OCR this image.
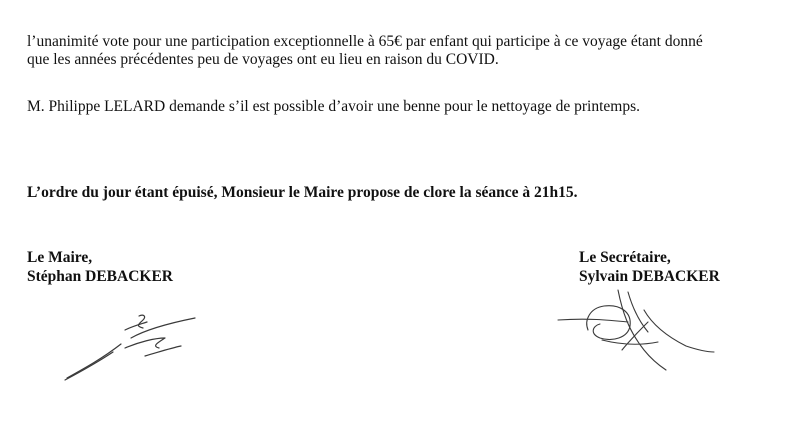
l’unanimité vote pour une participation exceptionnelle à 65€ par enfant qui participe à ce voyage étant donné
que les années précédentes peu de voyages ont eu lieu en raison du COVID.
M. Philippe LELARD demande s’il est possible d’avoir une benne pour le nettoyage de printemps.
L’ordre du jour étant épuisé, Monsieur le Maire propose de clore la séance à 21h15.
Le Maire,
Stéphan DEBACKER
Le Secrétaire,
Sylvain DEBACKER
